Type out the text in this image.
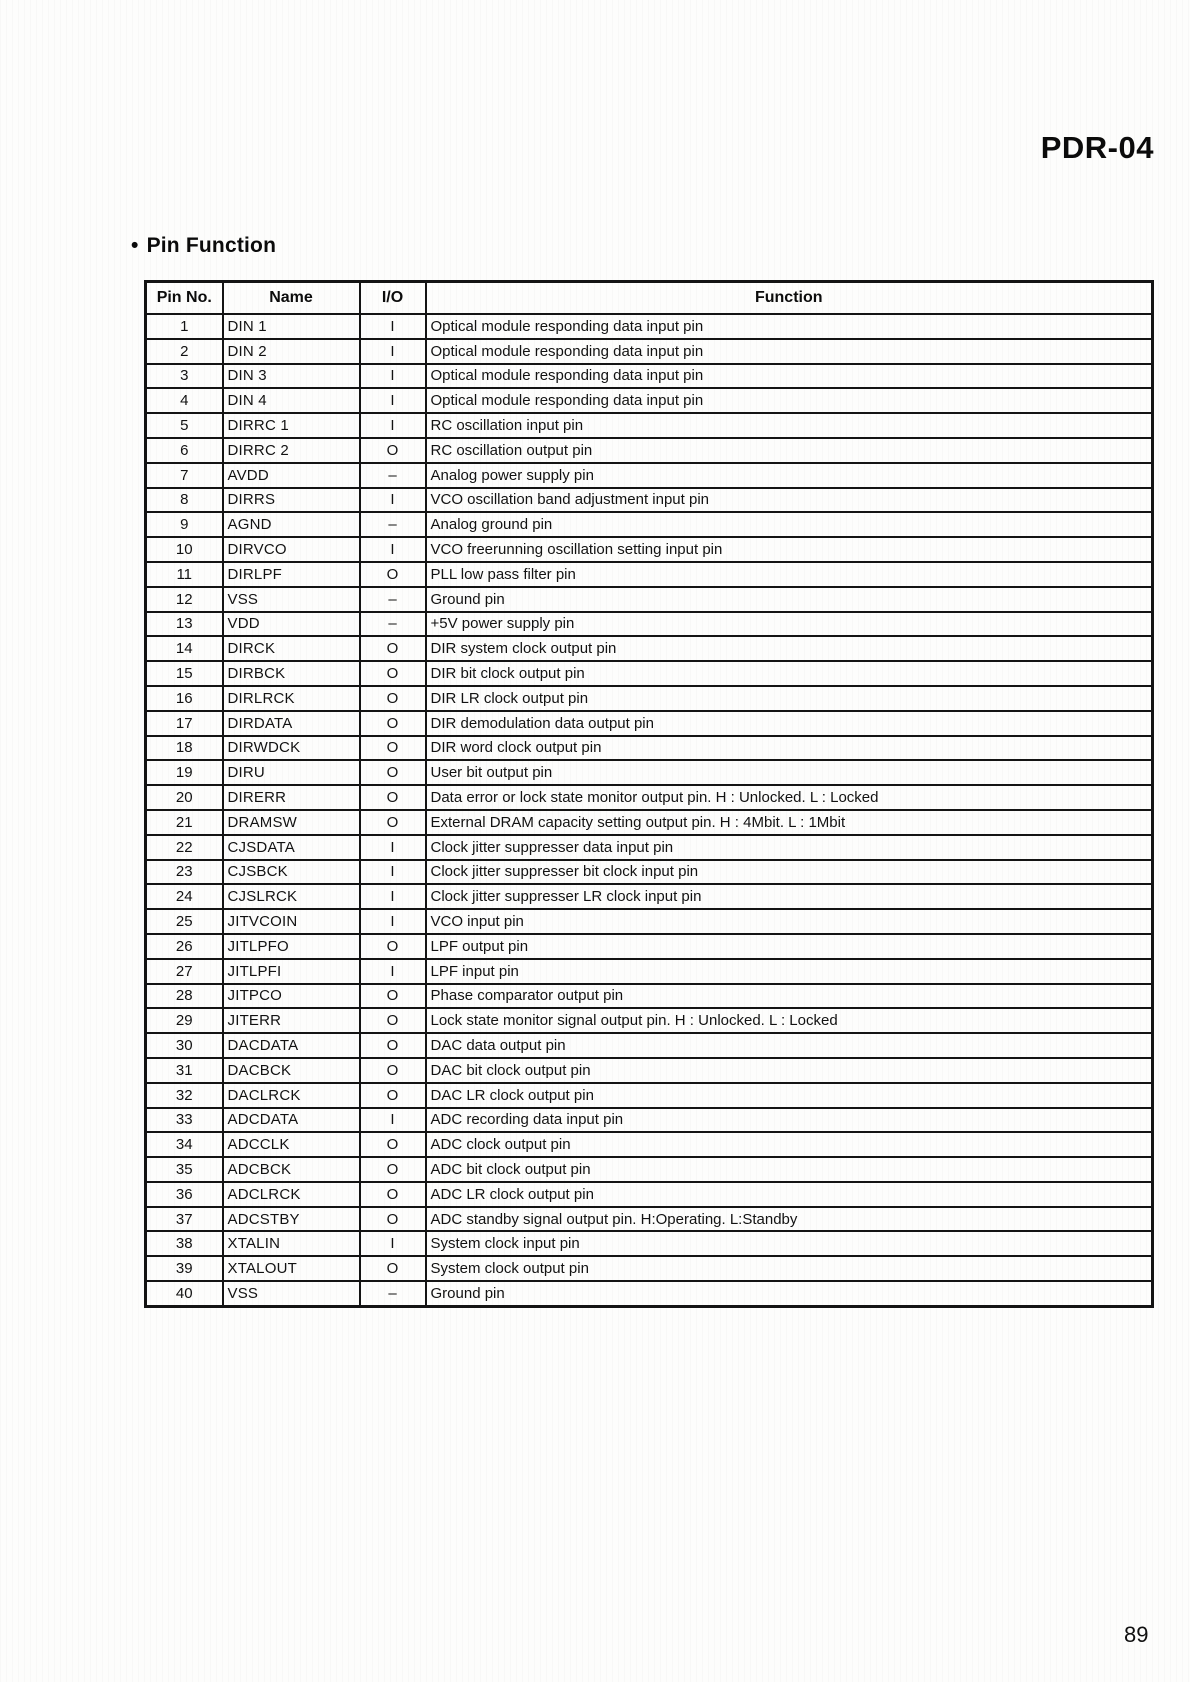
PDR-04
• Pin Function
Pin No.	Name	I/O	Function
1	DIN 1	I	Optical module responding data input pin
2	DIN 2	I	Optical module responding data input pin
3	DIN 3	I	Optical module responding data input pin
4	DIN 4	I	Optical module responding data input pin
5	DIRRC 1	I	RC oscillation input pin
6	DIRRC 2	O	RC oscillation output pin
7	AVDD	–	Analog power supply pin
8	DIRRS	I	VCO oscillation band adjustment input pin
9	AGND	–	Analog ground pin
10	DIRVCO	I	VCO freerunning oscillation setting input pin
11	DIRLPF	O	PLL low pass filter pin
12	VSS	–	Ground pin
13	VDD	–	+5V power supply pin
14	DIRCK	O	DIR system clock output pin
15	DIRBCK	O	DIR bit clock output pin
16	DIRLRCK	O	DIR LR clock output pin
17	DIRDATA	O	DIR demodulation data output pin
18	DIRWDCK	O	DIR word clock output pin
19	DIRU	O	User bit output pin
20	DIRERR	O	Data error or lock state monitor output pin. H : Unlocked. L : Locked
21	DRAMSW	O	External DRAM capacity setting output pin. H : 4Mbit. L : 1Mbit
22	CJSDATA	I	Clock jitter suppresser data input pin
23	CJSBCK	I	Clock jitter suppresser bit clock input pin
24	CJSLRCK	I	Clock jitter suppresser LR clock input pin
25	JITVCOIN	I	VCO input pin
26	JITLPFO	O	LPF output pin
27	JITLPFI	I	LPF input pin
28	JITPCO	O	Phase comparator output pin
29	JITERR	O	Lock state monitor signal output pin. H : Unlocked. L : Locked
30	DACDATA	O	DAC data output pin
31	DACBCK	O	DAC bit clock output pin
32	DACLRCK	O	DAC LR clock output pin
33	ADCDATA	I	ADC recording data input pin
34	ADCCLK	O	ADC clock output pin
35	ADCBCK	O	ADC bit clock output pin
36	ADCLRCK	O	ADC LR clock output pin
37	ADCSTBY	O	ADC standby signal output pin. H:Operating. L:Standby
38	XTALIN	I	System clock input pin
39	XTALOUT	O	System clock output pin
40	VSS	–	Ground pin
89
